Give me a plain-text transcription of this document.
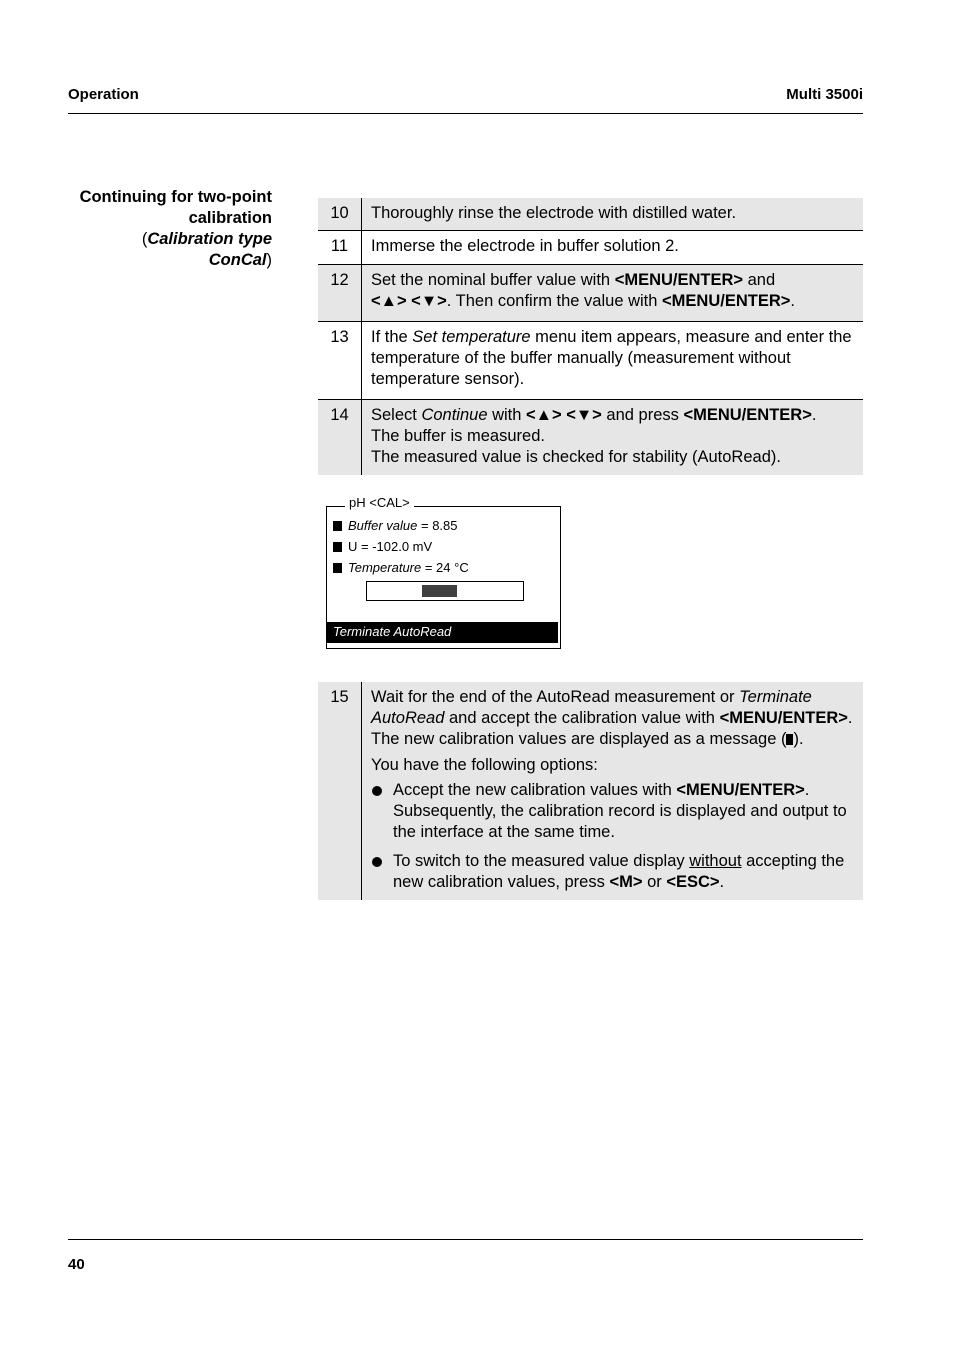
Operation	Multi 3500i
Continuing for two-point
calibration
(Calibration type ConCal)
10	Thoroughly rinse the electrode with distilled water.
11	Immerse the electrode in buffer solution 2.
12	Set the nominal buffer value with <MENU/ENTER> and
<▲> <▼>. Then confirm the value with <MENU/ENTER>.
13	If the Set temperature menu item appears, measure and enter the temperature of the buffer manually (measurement without temperature sensor).
14	Select Continue with <▲> <▼> and press <MENU/ENTER>.
The buffer is measured.
The measured value is checked for stability (AutoRead).
pH <CAL>
Buffer value = 8.85
U = -102.0 mV
Temperature = 24 °C
Terminate AutoRead
15	Wait for the end of the AutoRead measurement or Terminate AutoRead and accept the calibration value with <MENU/ENTER>.
The new calibration values are displayed as a message ( ).
You have the following options:
Accept the new calibration values with <MENU/ENTER>. Subsequently, the calibration record is displayed and output to the interface at the same time.
To switch to the measured value display without accepting the new calibration values, press <M> or <ESC>.
40
